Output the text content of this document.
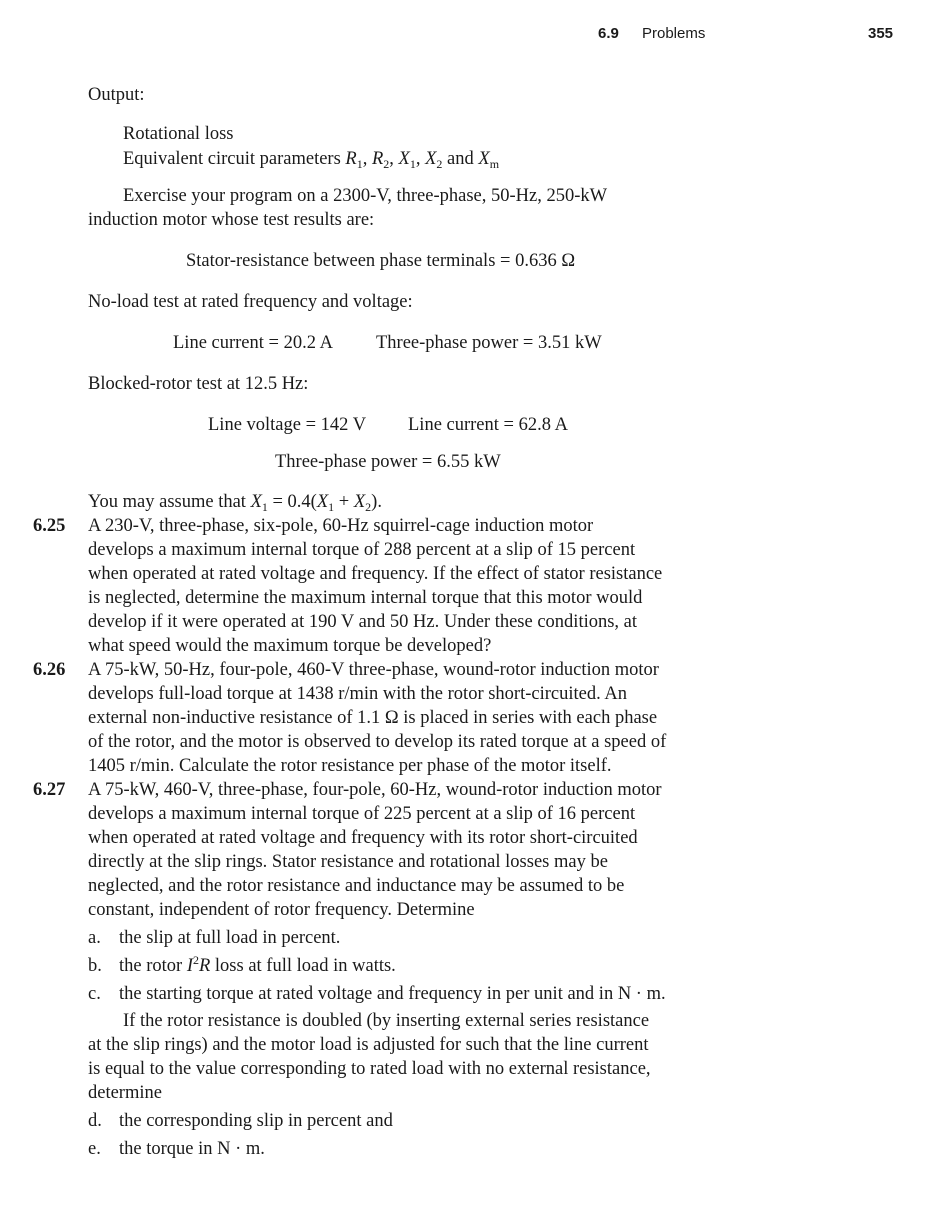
6.9 Problems	355
Output:
Rotational loss
Equivalent circuit parameters $R_1$, $R_2$, $X_1$, $X_2$ and $X_m$
Exercise your program on a 2300-V, three-phase, 50-Hz, 250-kW
induction motor whose test results are:
Stator-resistance between phase terminals = 0.636 Ω
No-load test at rated frequency and voltage:
Line current = 20.2 A Three-phase power = 3.51 kW
Blocked-rotor test at 12.5 Hz:
Line voltage = 142 V Line current = 62.8 A
Three-phase power = 6.55 kW
You may assume that $X_1 = 0.4(X_1 + X_2)$.
6.25 A 230-V, three-phase, six-pole, 60-Hz squirrel-cage induction motor
develops a maximum internal torque of 288 percent at a slip of 15 percent
when operated at rated voltage and frequency. If the effect of stator resistance
is neglected, determine the maximum internal torque that this motor would
develop if it were operated at 190 V and 50 Hz. Under these conditions, at
what speed would the maximum torque be developed?
6.26 A 75-kW, 50-Hz, four-pole, 460-V three-phase, wound-rotor induction motor
develops full-load torque at 1438 r/min with the rotor short-circuited. An
external non-inductive resistance of 1.1 Ω is placed in series with each phase
of the rotor, and the motor is observed to develop its rated torque at a speed of
1405 r/min. Calculate the rotor resistance per phase of the motor itself.
6.27 A 75-kW, 460-V, three-phase, four-pole, 60-Hz, wound-rotor induction motor
develops a maximum internal torque of 225 percent at a slip of 16 percent
when operated at rated voltage and frequency with its rotor short-circuited
directly at the slip rings. Stator resistance and rotational losses may be
neglected, and the rotor resistance and inductance may be assumed to be
constant, independent of rotor frequency. Determine
a. the slip at full load in percent.
b. the rotor $I^2R$ loss at full load in watts.
c. the starting torque at rated voltage and frequency in per unit and in N · m.
If the rotor resistance is doubled (by inserting external series resistance
at the slip rings) and the motor load is adjusted for such that the line current
is equal to the value corresponding to rated load with no external resistance,
determine
d. the corresponding slip in percent and
e. the torque in N · m.
